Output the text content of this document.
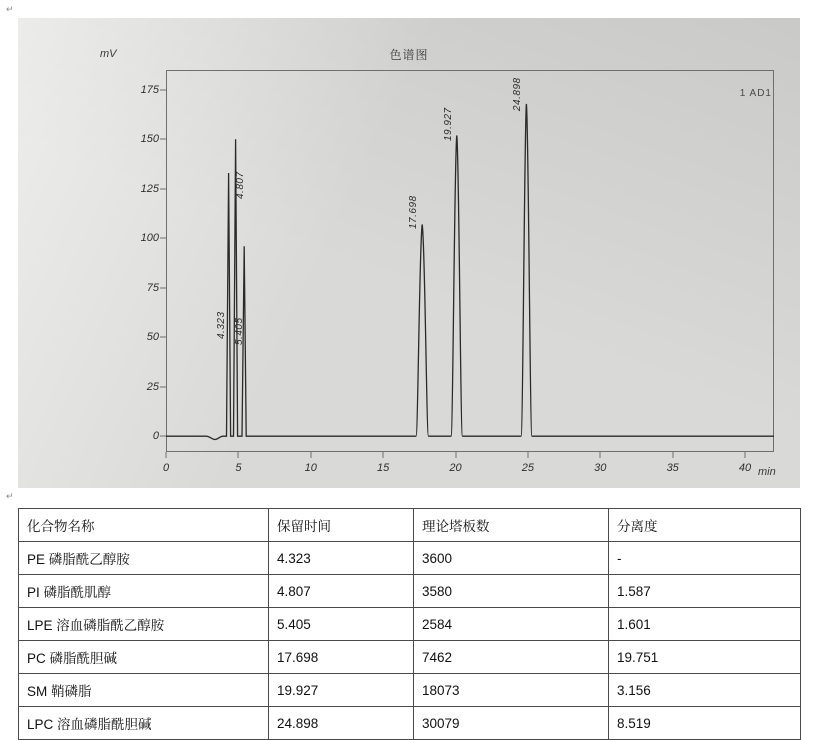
↵
↵
色谱图
mV
min
1 AD1
0
25
50
75
100
125
150
175
0	5	10	15	20	25	30	35	40
4.323
4.807
5.405
17.698
19.927
24.898
化合物名称	保留时间	理论塔板数	分离度
PE 磷脂酰乙醇胺	4.323	3600	-
PI 磷脂酰肌醇	4.807	3580	1.587
LPE 溶血磷脂酰乙醇胺	5.405	2584	1.601
PC 磷脂酰胆碱	17.698	7462	19.751
SM 鞘磷脂	19.927	18073	3.156
LPC 溶血磷脂酰胆碱	24.898	30079	8.519
